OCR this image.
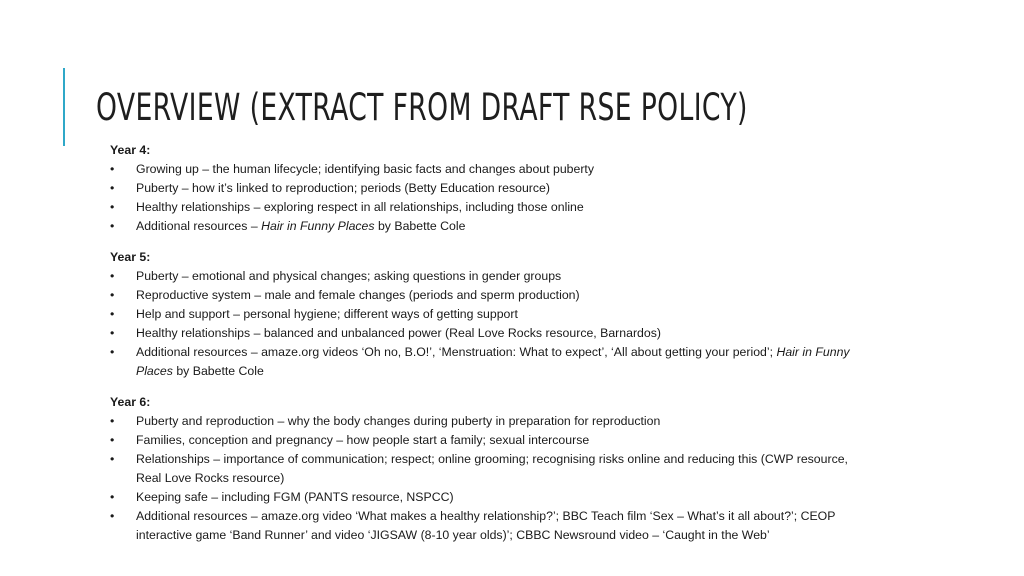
OVERVIEW (EXTRACT FROM DRAFT RSE POLICY)

Year 4:

• Growing up – the human lifecycle; identifying basic facts and changes about puberty
• Puberty – how it’s linked to reproduction; periods (Betty Education resource)
• Healthy relationships – exploring respect in all relationships, including those online
• Additional resources – Hair in Funny Places by Babette Cole

Year 5:

• Puberty – emotional and physical changes; asking questions in gender groups
• Reproductive system – male and female changes (periods and sperm production)
• Help and support – personal hygiene; different ways of getting support
• Healthy relationships – balanced and unbalanced power (Real Love Rocks resource, Barnardos)
• Additional resources – amaze.org videos ‘Oh no, B.O!’, ‘Menstruation: What to expect’, ‘All about getting your period’; Hair in Funny Places by Babette Cole

Year 6:

• Puberty and reproduction – why the body changes during puberty in preparation for reproduction
• Families, conception and pregnancy – how people start a family; sexual intercourse
• Relationships – importance of communication; respect; online grooming; recognising risks online and reducing this (CWP resource, Real Love Rocks resource)
• Keeping safe – including FGM (PANTS resource, NSPCC)
• Additional resources – amaze.org video ‘What makes a healthy relationship?’; BBC Teach film ‘Sex – What’s it all about?’; CEOP interactive game ‘Band Runner’ and video ‘JIGSAW (8-10 year olds)’; CBBC Newsround video – ‘Caught in the Web’
